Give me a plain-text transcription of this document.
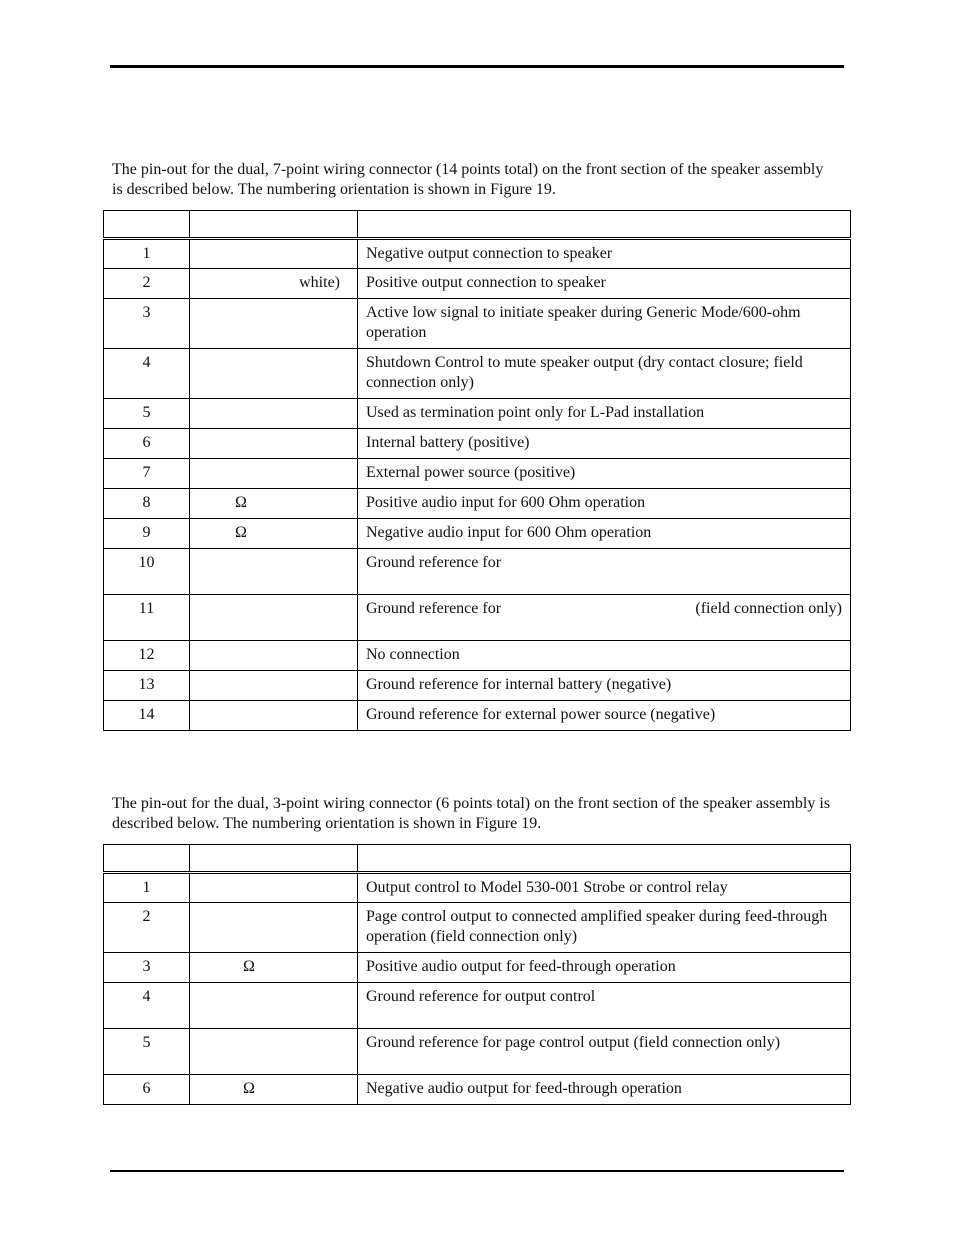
The pin-out for the dual, 7-point wiring connector (14 points total) on the front section of the speaker assembly is described below. The numbering orientation is shown in Figure 19.

1		Negative output connection to speaker
2	white)	Positive output connection to speaker
3		Active low signal to initiate speaker during Generic Mode/600-ohm operation
4		Shutdown Control to mute speaker output (dry contact closure; field connection only)
5		Used as termination point only for L-Pad installation
6		Internal battery (positive)
7		External power source (positive)
8	Ω	Positive audio input for 600 Ohm operation
9	Ω	Negative audio input for 600 Ohm operation
10		Ground reference for
11		Ground reference for (field connection only)

12		No connection
13		Ground reference for internal battery (negative)
14		Ground reference for external power source (negative)

The pin-out for the dual, 3-point wiring connector (6 points total) on the front section of the speaker assembly is described below. The numbering orientation is shown in Figure 19.

1		Output control to Model 530-001 Strobe or control relay
2		Page control output to connected amplified speaker during feed-through operation (field connection only)
3	Ω	Positive audio output for feed-through operation
4		Ground reference for output control
5		Ground reference for page control output (field connection only)
6	Ω	Negative audio output for feed-through operation
